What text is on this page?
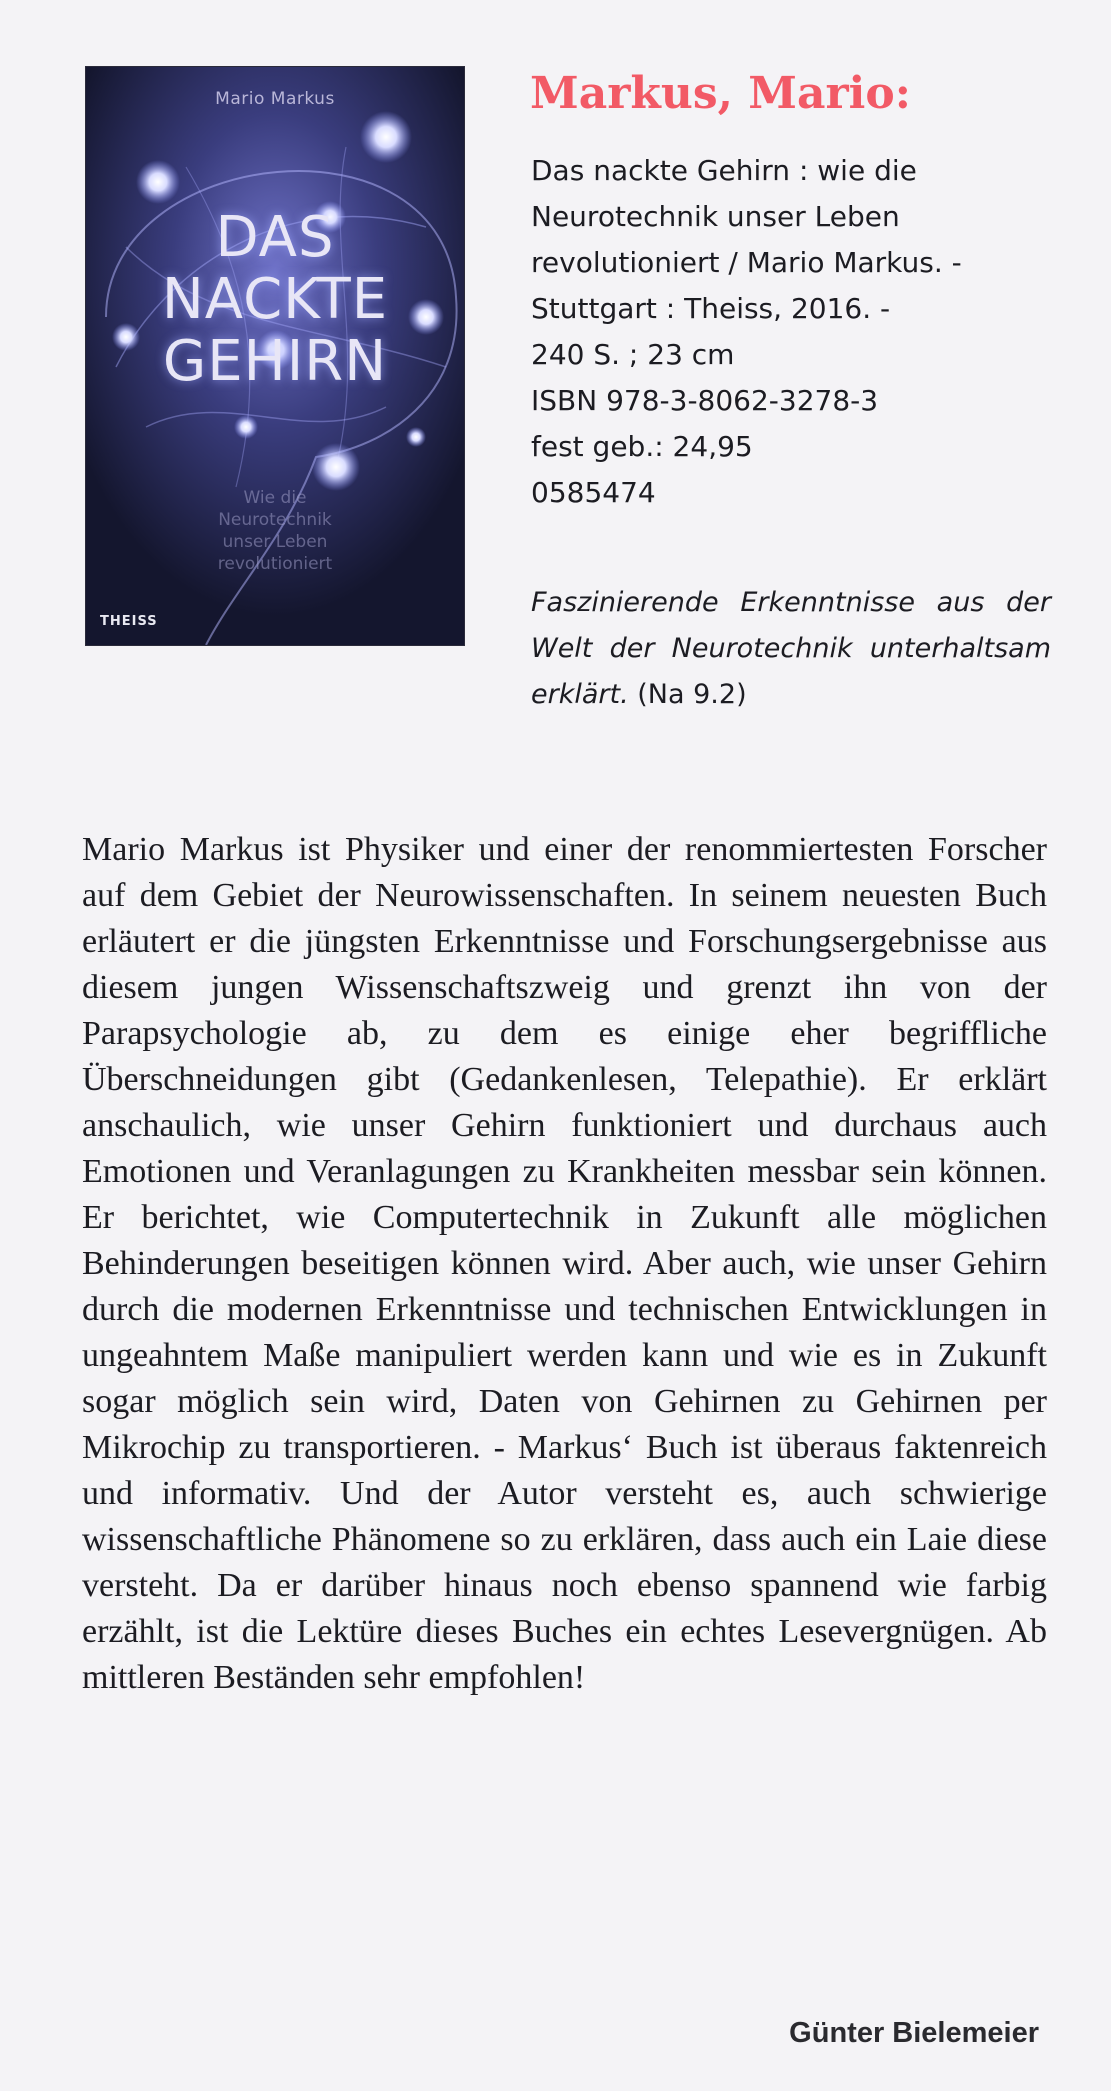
Mario Markus
DAS
NACKTE
GEHIRN
Wie die
Neurotechnik
unser Leben
revolutioniert
THEISS
Markus, Mario:
Das nackte Gehirn : wie die
Neurotechnik unser Leben
revolutioniert / Mario Markus. -
Stuttgart : Theiss, 2016. -
240 S. ; 23 cm
ISBN 978-3-8062-3278-3
fest geb.: 24,95
0585474
Faszinierende Erkenntnisse aus der Welt der Neurotechnik unterhaltsam erklärt. (Na 9.2)
Mario Markus ist Physiker und einer der renommiertesten Forscher auf dem Gebiet der Neurowissenschaften. In seinem neuesten Buch erläutert er die jüngsten Erkenntnisse und Forschungsergebnisse aus diesem jungen Wissenschaftszweig und grenzt ihn von der Parapsychologie ab, zu dem es einige eher begriffliche Überschneidungen gibt (Gedankenlesen, Telepathie). Er erklärt anschaulich, wie unser Gehirn funktioniert und durchaus auch Emotionen und Veranlagungen zu Krankheiten messbar sein können. Er berichtet, wie Computertechnik in Zukunft alle möglichen Behinderungen beseitigen können wird. Aber auch, wie unser Gehirn durch die modernen Erkenntnisse und technischen Entwicklungen in ungeahntem Maße manipuliert werden kann und wie es in Zukunft sogar möglich sein wird, Daten von Gehirnen zu Gehirnen per Mikrochip zu transportieren. - Markus‘ Buch ist überaus faktenreich und informativ. Und der Autor versteht es, auch schwierige wissenschaftliche Phänomene so zu erklären, dass auch ein Laie diese versteht. Da er darüber hinaus noch ebenso spannend wie farbig erzählt, ist die Lektüre dieses Buches ein echtes Lesevergnügen. Ab mittleren Beständen sehr empfohlen!
Günter Bielemeier
